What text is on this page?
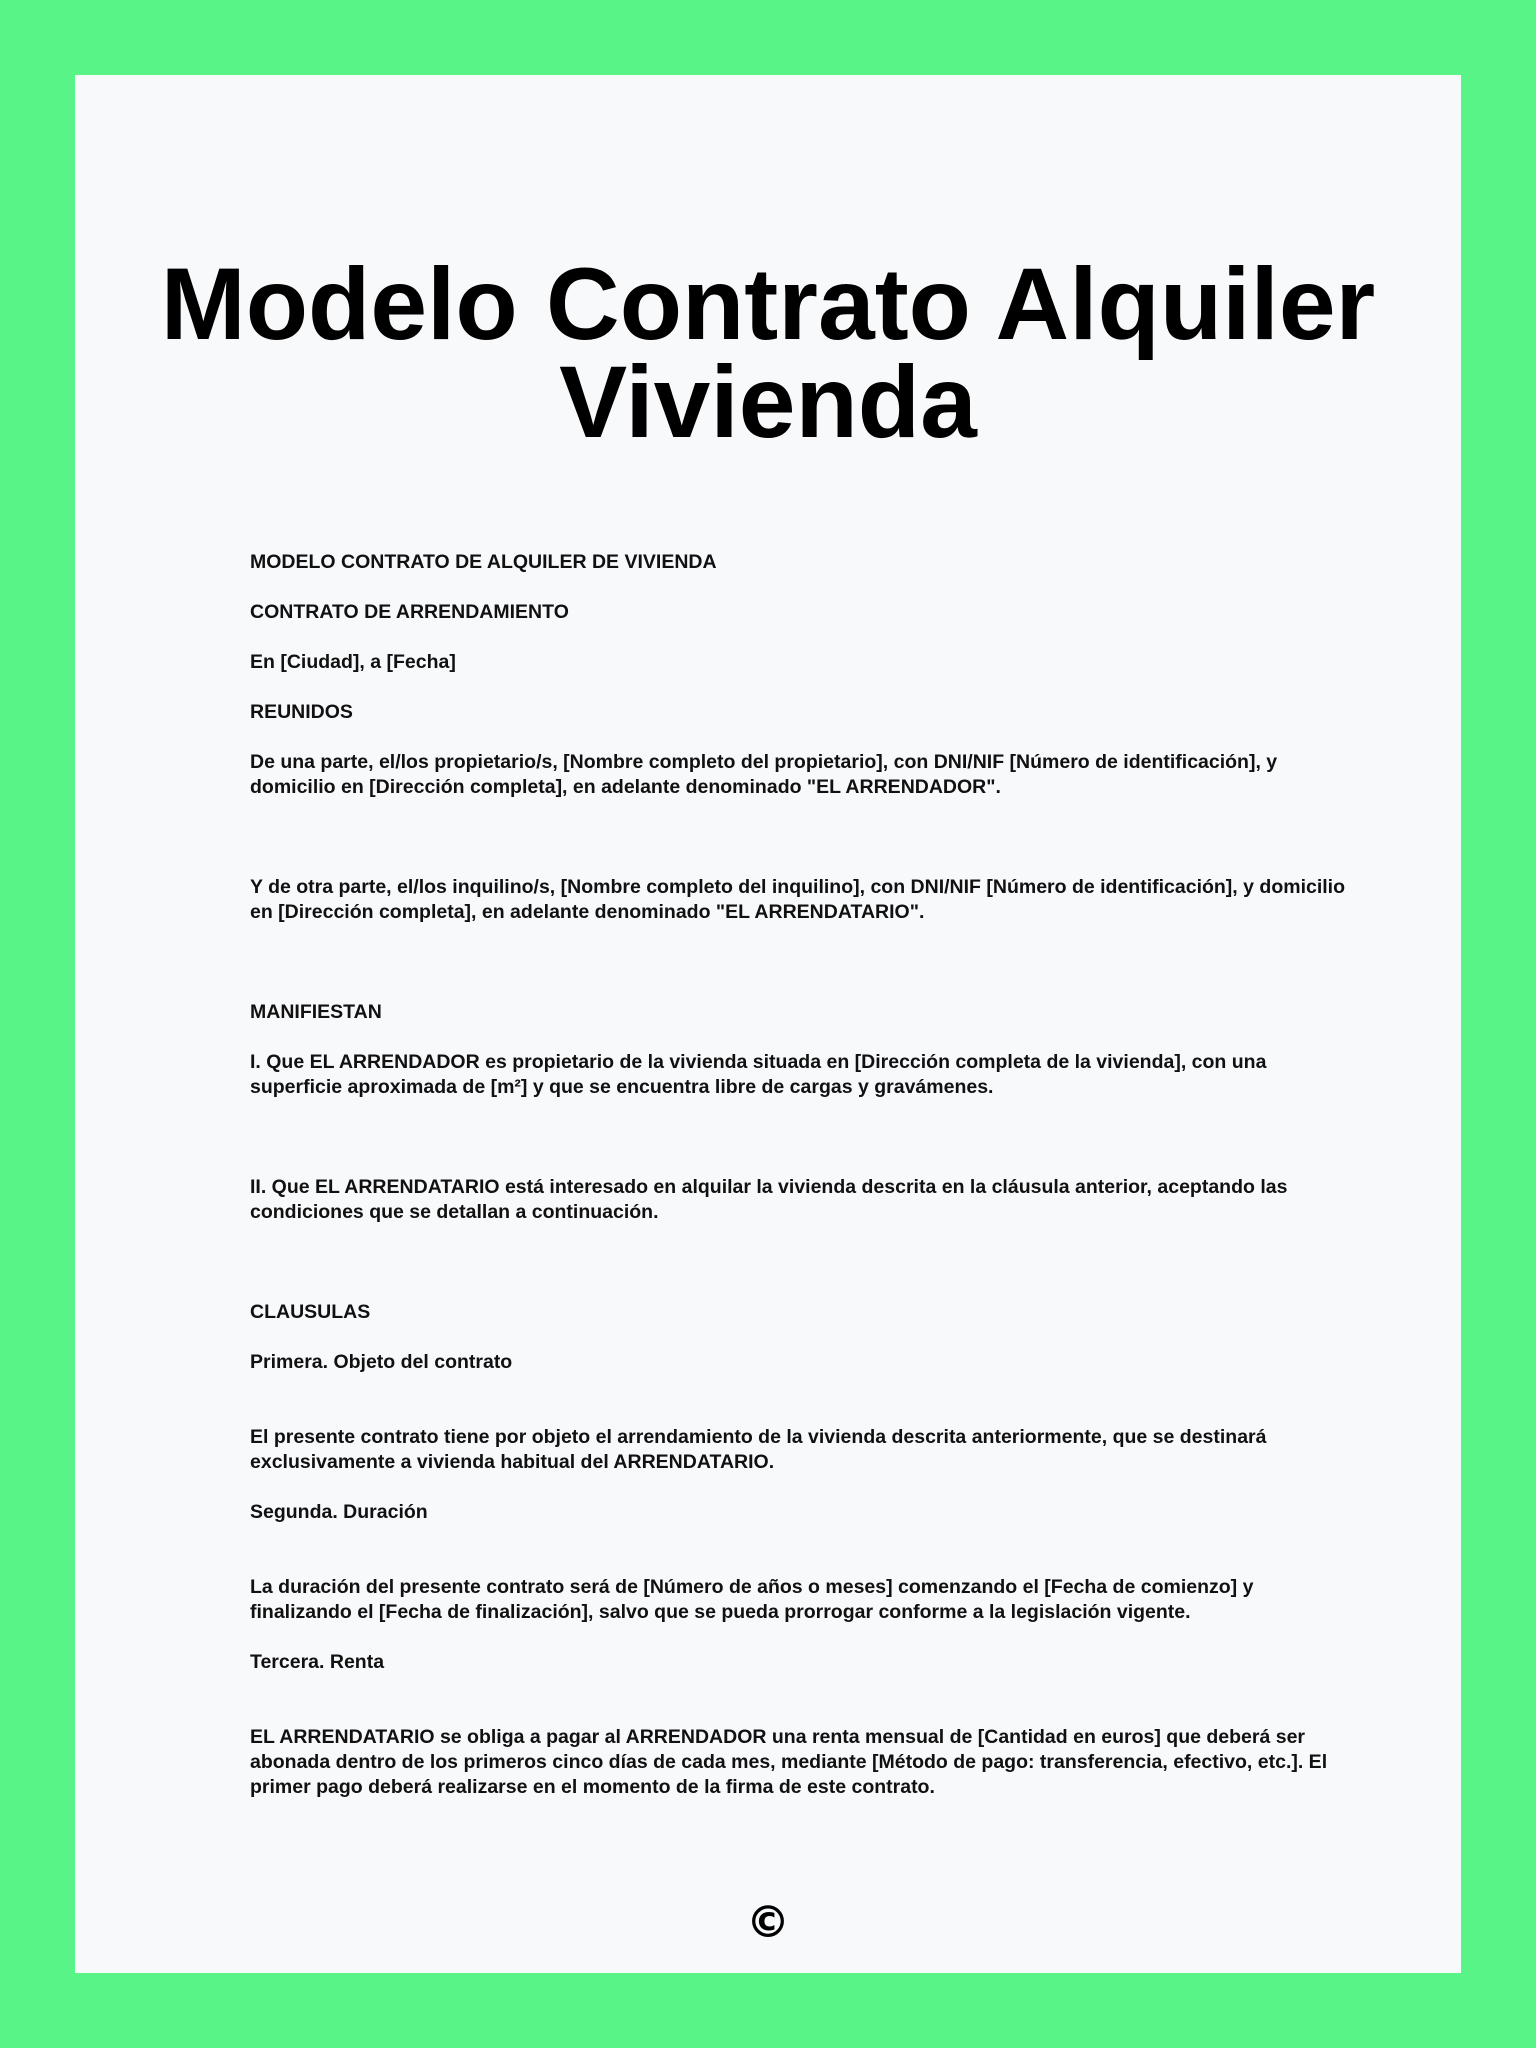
Modelo Contrato Alquiler Vivienda

MODELO CONTRATO DE ALQUILER DE VIVIENDA

CONTRATO DE ARRENDAMIENTO

En [Ciudad], a [Fecha]

REUNIDOS

De una parte, el/los propietario/s, [Nombre completo del propietario], con DNI/NIF [Número de identificación], y domicilio en [Dirección completa], en adelante denominado "EL ARRENDADOR".

Y de otra parte, el/los inquilino/s, [Nombre completo del inquilino], con DNI/NIF [Número de identificación], y domicilio en [Dirección completa], en adelante denominado "EL ARRENDATARIO".

MANIFIESTAN

I. Que EL ARRENDADOR es propietario de la vivienda situada en [Dirección completa de la vivienda], con una superficie aproximada de [m²] y que se encuentra libre de cargas y gravámenes.

II. Que EL ARRENDATARIO está interesado en alquilar la vivienda descrita en la cláusula anterior, aceptando las condiciones que se detallan a continuación.

CLAUSULAS

Primera. Objeto del contrato

El presente contrato tiene por objeto el arrendamiento de la vivienda descrita anteriormente, que se destinará exclusivamente a vivienda habitual del ARRENDATARIO.

Segunda. Duración

La duración del presente contrato será de [Número de años o meses] comenzando el [Fecha de comienzo] y finalizando el [Fecha de finalización], salvo que se pueda prorrogar conforme a la legislación vigente.

Tercera. Renta

EL ARRENDATARIO se obliga a pagar al ARRENDADOR una renta mensual de [Cantidad en euros] que deberá ser abonada dentro de los primeros cinco días de cada mes, mediante [Método de pago: transferencia, efectivo, etc.]. El primer pago deberá realizarse en el momento de la firma de este contrato.

©
